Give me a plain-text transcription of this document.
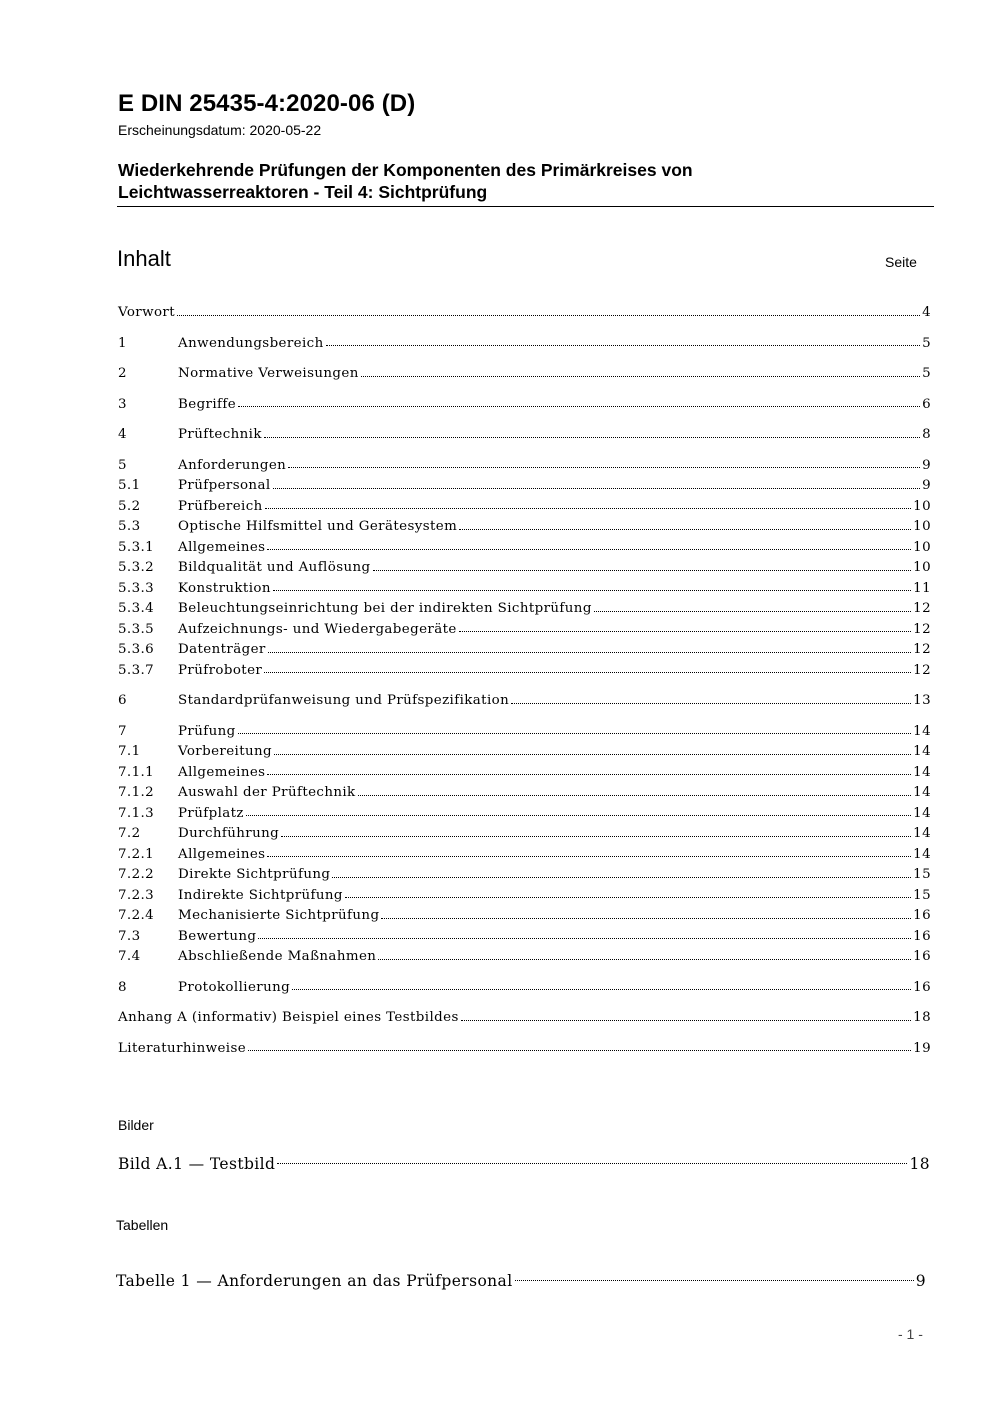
E DIN 25435-4:2020-06 (D)
Erscheinungsdatum: 2020-05-22
Wiederkehrende Prüfungen der Komponenten des Primärkreises von
Leichtwasserreaktoren - Teil 4: Sichtprüfung
Inhalt	Seite
Vorwort	4
1	Anwendungsbereich	5
2	Normative Verweisungen	5
3	Begriffe	6
4	Prüftechnik	8
5	Anforderungen	9
5.1	Prüfpersonal	9
5.2	Prüfbereich	10
5.3	Optische Hilfsmittel und Gerätesystem	10
5.3.1	Allgemeines	10
5.3.2	Bildqualität und Auflösung	10
5.3.3	Konstruktion	11
5.3.4	Beleuchtungseinrichtung bei der indirekten Sichtprüfung	12
5.3.5	Aufzeichnungs- und Wiedergabegeräte	12
5.3.6	Datenträger	12
5.3.7	Prüfroboter	12
6	Standardprüfanweisung und Prüfspezifikation	13
7	Prüfung	14
7.1	Vorbereitung	14
7.1.1	Allgemeines	14
7.1.2	Auswahl der Prüftechnik	14
7.1.3	Prüfplatz	14
7.2	Durchführung	14
7.2.1	Allgemeines	14
7.2.2	Direkte Sichtprüfung	15
7.2.3	Indirekte Sichtprüfung	15
7.2.4	Mechanisierte Sichtprüfung	16
7.3	Bewertung	16
7.4	Abschließende Maßnahmen	16
8	Protokollierung	16
Anhang A (informativ) Beispiel eines Testbildes	18
Literaturhinweise	19
Bilder
Bild A.1 — Testbild	18
Tabellen
Tabelle 1 — Anforderungen an das Prüfpersonal	9
- 1 -
